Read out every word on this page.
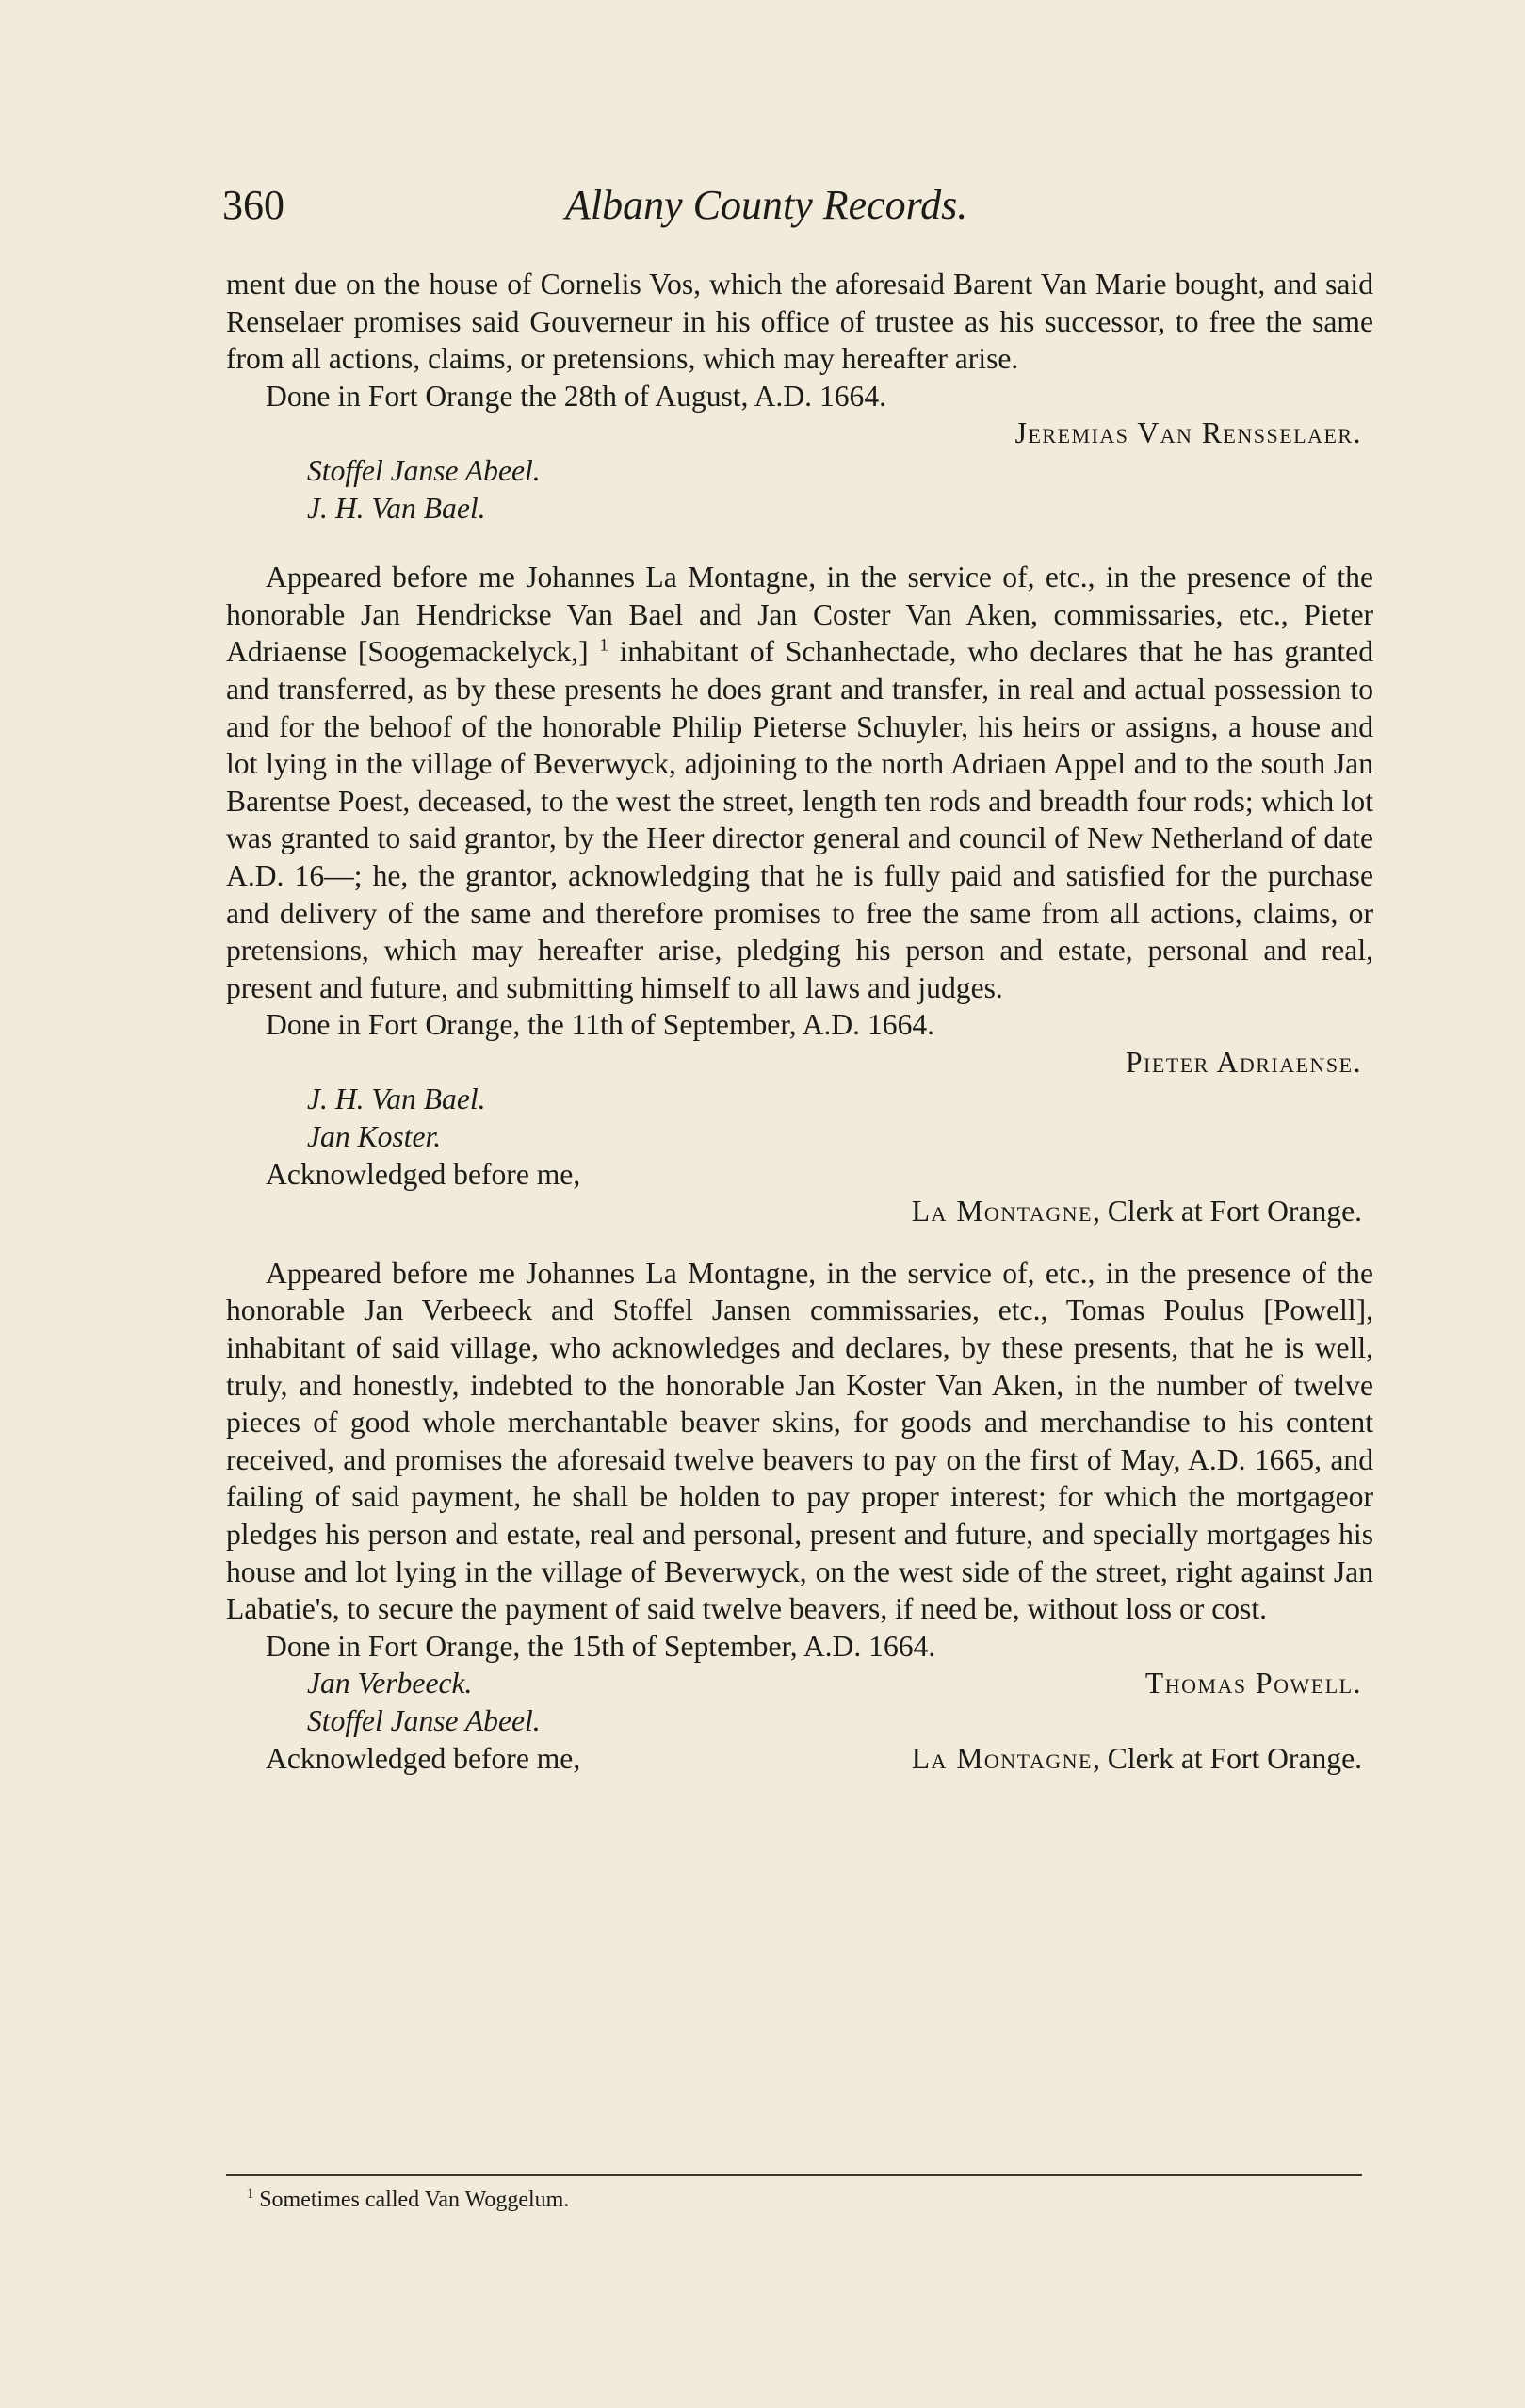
360	Albany County Records.

ment due on the house of Cornelis Vos, which the aforesaid Barent Van Marie bought, and said Renselaer promises said Gouverneur in his office of trustee as his successor, to free the same from all actions, claims, or pretensions, which may hereafter arise.

Done in Fort Orange the 28th of August, A.D. 1664.
Jeremias Van Rensselaer.
Stoffel Janse Abeel.
J. H. Van Bael.

Appeared before me Johannes La Montagne, in the service of, etc., in the presence of the honorable Jan Hendrickse Van Bael and Jan Coster Van Aken, commissaries, etc., Pieter Adriaense [Soogemackelyck,] $^1$ inhabitant of Schanhectade, who declares that he has granted and transferred, as by these presents he does grant and transfer, in real and actual possession to and for the behoof of the honorable Philip Pieterse Schuyler, his heirs or assigns, a house and lot lying in the village of Beverwyck, adjoining to the north Adriaen Appel and to the south Jan Barentse Poest, deceased, to the west the street, length ten rods and breadth four rods; which lot was granted to said grantor, by the Heer director general and council of New Netherland of date A.D. 16—; he, the grantor, acknowledging that he is fully paid and satisfied for the purchase and delivery of the same and therefore promises to free the same from all actions, claims, or pretensions, which may hereafter arise, pledging his person and estate, personal and real, present and future, and submitting himself to all laws and judges.

Done in Fort Orange, the 11th of September, A.D. 1664.
Pieter Adriaense.
J. H. Van Bael.
Jan Koster.
Acknowledged before me,
La Montagne, Clerk at Fort Orange.

Appeared before me Johannes La Montagne, in the service of, etc., in the presence of the honorable Jan Verbeeck and Stoffel Jansen commissaries, etc., Tomas Poulus [Powell], inhabitant of said village, who acknowledges and declares, by these presents, that he is well, truly, and honestly, indebted to the honorable Jan Koster Van Aken, in the number of twelve pieces of good whole merchantable beaver skins, for goods and merchandise to his content received, and promises the aforesaid twelve beavers to pay on the first of May, A.D. 1665, and failing of said payment, he shall be holden to pay proper interest; for which the mortgageor pledges his person and estate, real and personal, present and future, and specially mortgages his house and lot lying in the village of Beverwyck, on the west side of the street, right against Jan Labatie's, to secure the payment of said twelve beavers, if need be, without loss or cost.

Done in Fort Orange, the 15th of September, A.D. 1664.
Jan Verbeeck.	Thomas Powell.
Stoffel Janse Abeel.
Acknowledged before me,	La Montagne, Clerk at Fort Orange.
$^1$ Sometimes called Van Woggelum.
